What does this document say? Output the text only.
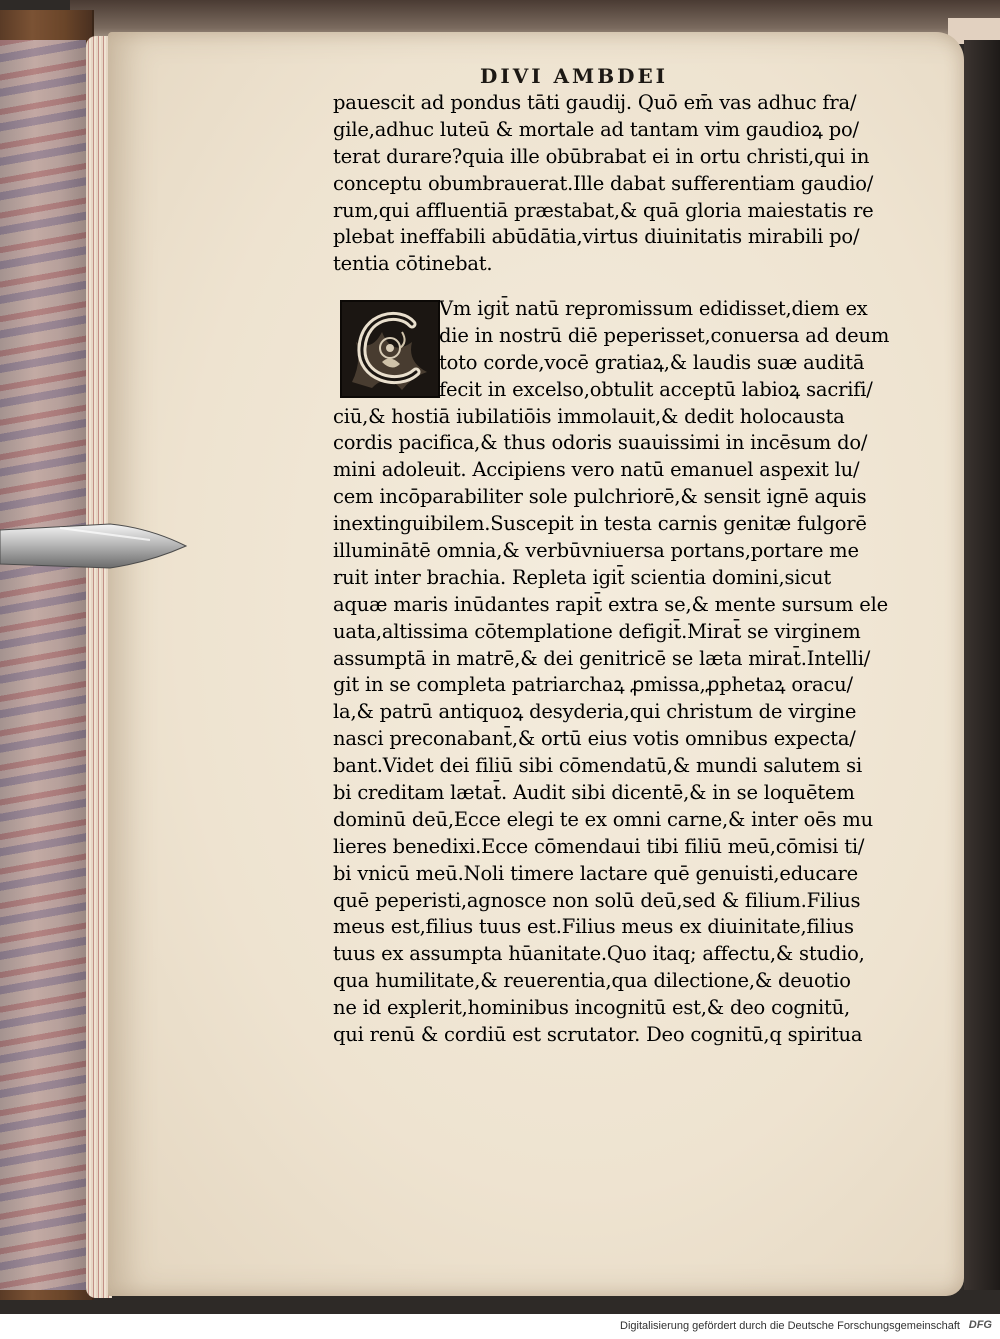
DIVI AMBDEI
pauescit ad pondus tāti gaudij. Quō em̄ vas adhuc fra/
gile,adhuc luteū & mortale ad tantam vim gaudioꝝ po/
terat durare?quia ille obūbrabat ei in ortu christi,qui in
conceptu obumbrauerat.Ille dabat sufferentiam gaudio/
rum,qui affluentiā præstabat,& quā gloria maiestatis re
plebat ineffabili abūdātia,virtus diuinitatis mirabili po/
tentia cōtinebat.
Vm igit̄ natū repromissum edidisset,diem ex
die in nostrū diē peperisset,conuersa ad deum
toto corde,vocē gratiaꝝ,& laudis suæ auditā
fecit in excelso,obtulit acceptū labioꝝ sacrifi/
ciū,& hostiā iubilatiōis immolauit,& dedit holocausta
cordis pacifica,& thus odoris suauissimi in incēsum do/
mini adoleuit. Accipiens vero natū emanuel aspexit lu/
cem incōparabiliter sole pulchriorē,& sensit ignē aquis
inextinguibilem.Suscepit in testa carnis genitæ fulgorē
illuminātē omnia,& verbūvniuersa portans,portare me
ruit inter brachia. Repleta igit̄ scientia domini,sicut
aquæ maris inūdantes rapit̄ extra se,& mente sursum ele
uata,altissima cōtemplatione defigit̄.Mirat̄ se virginem
assumptā in matrē,& dei genitricē se læta mirat̄.Intelli/
git in se completa patriarchaꝝ ꝓmissa,ꝓphetaꝝ oracu/
la,& patrū antiquoꝝ desyderia,qui christum de virgine
nasci preconabant̄,& ortū eius votis omnibus expecta/
bant.Videt dei filiū sibi cōmendatū,& mundi salutem si
bi creditam lætat̄. Audit sibi dicentē,& in se loquētem
dominū deū,Ecce elegi te ex omni carne,& inter oēs mu
lieres benedixi.Ecce cōmendaui tibi filiū meū,cōmisi ti/
bi vnicū meū.Noli timere lactare quē genuisti,educare
quē peperisti,agnosce non solū deū,sed & filium.Filius
meus est,filius tuus est.Filius meus ex diuinitate,filius
tuus ex assumpta hūanitate.Quo itaq; affectu,& studio,
qua humilitate,& reuerentia,qua dilectione,& deuotio
ne id explerit,hominibus incognitū est,& deo cognitū,
qui renū & cordiū est scrutator. Deo cognitū,q spiritua
Digitalisierung gefördert durch die Deutsche Forschungsgemeinschaft DFG
